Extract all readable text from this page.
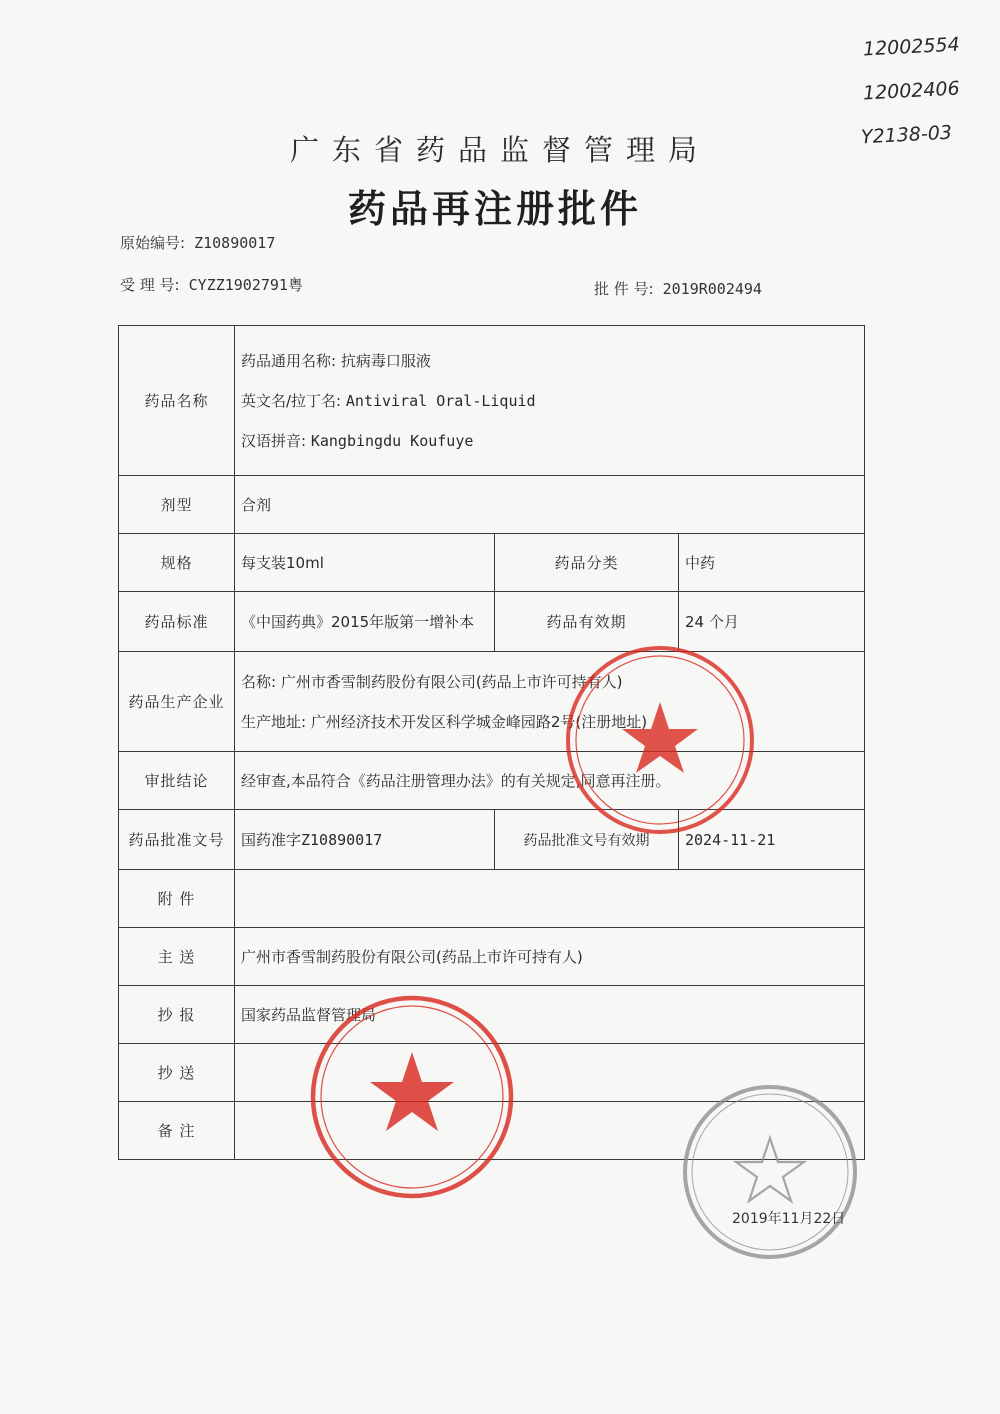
12002554
12002406
Y2138-03
广东省药品监督管理局
药品再注册批件
原始编号: Z10890017
受 理 号: CYZZ1902791粤	批 件 号: 2019R002494
药品名称	药品通用名称: 抗病毒口服液
英文名/拉丁名: Antiviral Oral-Liquid
汉语拼音: Kangbingdu Koufuye		

剂型	合剂		
规格	每支装10ml	药品分类	中药
药品标准	《中国药典》2015年版第一增补本	药品有效期	24 个月
药品生产企业	名称: 广州市香雪制药股份有限公司(药品上市许可持有人)
生产地址: 广州经济技术开发区科学城金峰园路2号(注册地址)		

审批结论	经审查,本品符合《药品注册管理办法》的有关规定,同意再注册。		
药品批准文号	国药准字Z10890017	药品批准文号有效期	2024-11-21
附 件			
主 送	广州市香雪制药股份有限公司(药品上市许可持有人)		
抄 报	国家药品监督管理局		
抄 送			
备 注			
2019年11月22日
